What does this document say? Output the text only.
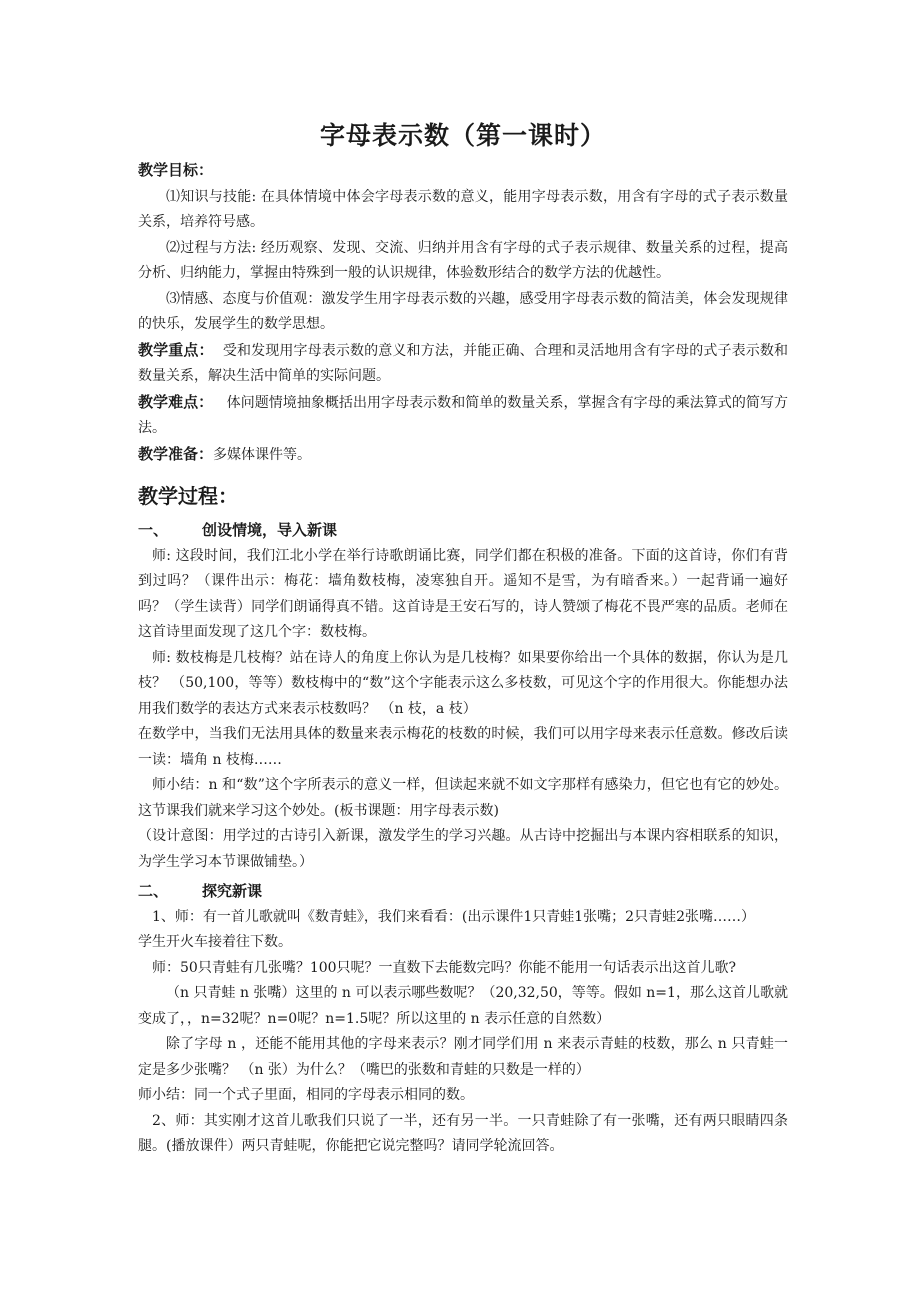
字母表示数（第一课时）
教学目标：

⑴知识与技能: 在具体情境中体会字母表示数的意义，能用字母表示数，用含有字母的式子表示数量关系，培养符号感。

⑵过程与方法: 经历观察、发现、交流、归纳并用含有字母的式子表示规律、数量关系的过程，提高分析、归纳能力，掌握由特殊到一般的认识规律，体验数形结合的数学方法的优越性。

⑶情感、态度与价值观：激发学生用字母表示数的兴趣，感受用字母表示数的简洁美，体会发现规律的快乐，发展学生的数学思想。

教学重点： 受和发现用字母表示数的意义和方法，并能正确、合理和灵活地用含有字母的式子表示数和数量关系，解决生活中简单的实际问题。

教学难点： 体问题情境抽象概括出用字母表示数和简单的数量关系，掌握含有字母的乘法算式的简写方法。

教学准备：多媒体课件等。

教学过程：
一、 创设情境，导入新课

师: 这段时间，我们江北小学在举行诗歌朗诵比赛，同学们都在积极的准备。下面的这首诗，你们有背到过吗？（课件出示：梅花：墙角数枝梅，凌寒独自开。遥知不是雪，为有暗香来。）一起背诵一遍好吗？（学生读背）同学们朗诵得真不错。这首诗是王安石写的，诗人赞颂了梅花不畏严寒的品质。老师在这首诗里面发现了这几个字：数枝梅。

师: 数枝梅是几枝梅？站在诗人的角度上你认为是几枝梅？如果要你给出一个具体的数据，你认为是几枝？ （50,100，等等）数枝梅中的“数”这个字能表示这么多枝数，可见这个字的作用很大。你能想办法用我们数学的表达方式来表示枝数吗？ （n 枝，a 枝）

在数学中，当我们无法用具体的数量来表示梅花的枝数的时候，我们可以用字母来表示任意数。修改后读一读：墙角 n 枝梅……

师小结：n 和“数”这个字所表示的意义一样，但读起来就不如文字那样有感染力，但它也有它的妙处。这节课我们就来学习这个妙处。(板书课题：用字母表示数)

（设计意图：用学过的古诗引入新课，激发学生的学习兴趣。从古诗中挖掘出与本课内容相联系的知识，为学生学习本节课做铺垫。）

二、 探究新课

1、师：有一首儿歌就叫《数青蛙》，我们来看看：(出示课件1只青蛙1张嘴；2只青蛙2张嘴……）

学生开火车接着往下数。

师：50只青蛙有几张嘴？100只呢？一直数下去能数完吗？你能不能用一句话表示出这首儿歌?

（n 只青蛙 n 张嘴）这里的 n 可以表示哪些数呢？（20,32,50，等等。假如 n=1，那么这首儿歌就变成了，，n=32呢？n=0呢？n=1.5呢？所以这里的 n 表示任意的自然数）

除了字母 n ，还能不能用其他的字母来表示？刚才同学们用 n 来表示青蛙的枝数，那么 n 只青蛙一定是多少张嘴？ （n 张）为什么？（嘴巴的张数和青蛙的只数是一样的）

师小结：同一个式子里面，相同的字母表示相同的数。

2、师：其实刚才这首儿歌我们只说了一半，还有另一半。一只青蛙除了有一张嘴，还有两只眼睛四条腿。(播放课件）两只青蛙呢，你能把它说完整吗？请同学轮流回答。
